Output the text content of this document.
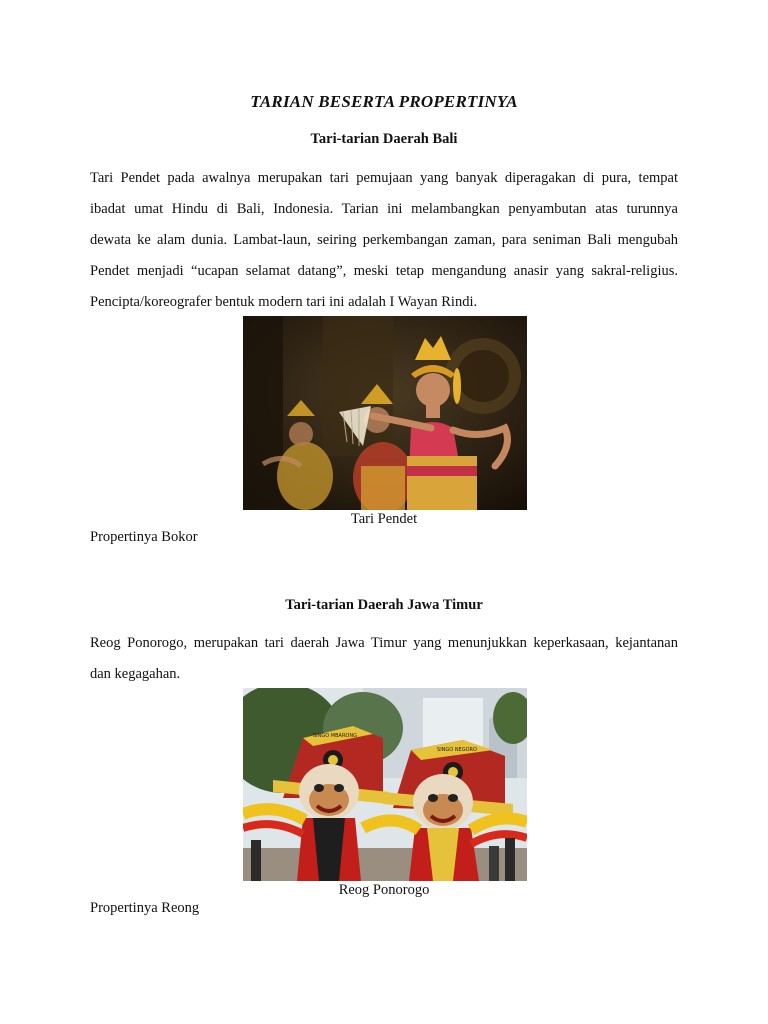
TARIAN BESERTA PROPERTINYA
Tari-tarian Daerah Bali
Tari Pendet pada awalnya merupakan tari pemujaan yang banyak diperagakan di pura, tempat
ibadat umat Hindu di Bali, Indonesia. Tarian ini melambangkan penyambutan atas turunnya
dewata ke alam dunia. Lambat-laun, seiring perkembangan zaman, para seniman Bali mengubah
Pendet menjadi “ucapan selamat datang”, meski tetap mengandung anasir yang sakral-religius.
Pencipta/koreografer bentuk modern tari ini adalah I Wayan Rindi.
Tari Pendet
Propertinya Bokor
Tari-tarian Daerah Jawa Timur
Reog Ponorogo, merupakan tari daerah Jawa Timur yang menunjukkan keperkasaan, kejantanan
dan kegagahan.
SINGO MBARONG
SINGO NEGORO
Reog Ponorogo
Propertinya Reong
